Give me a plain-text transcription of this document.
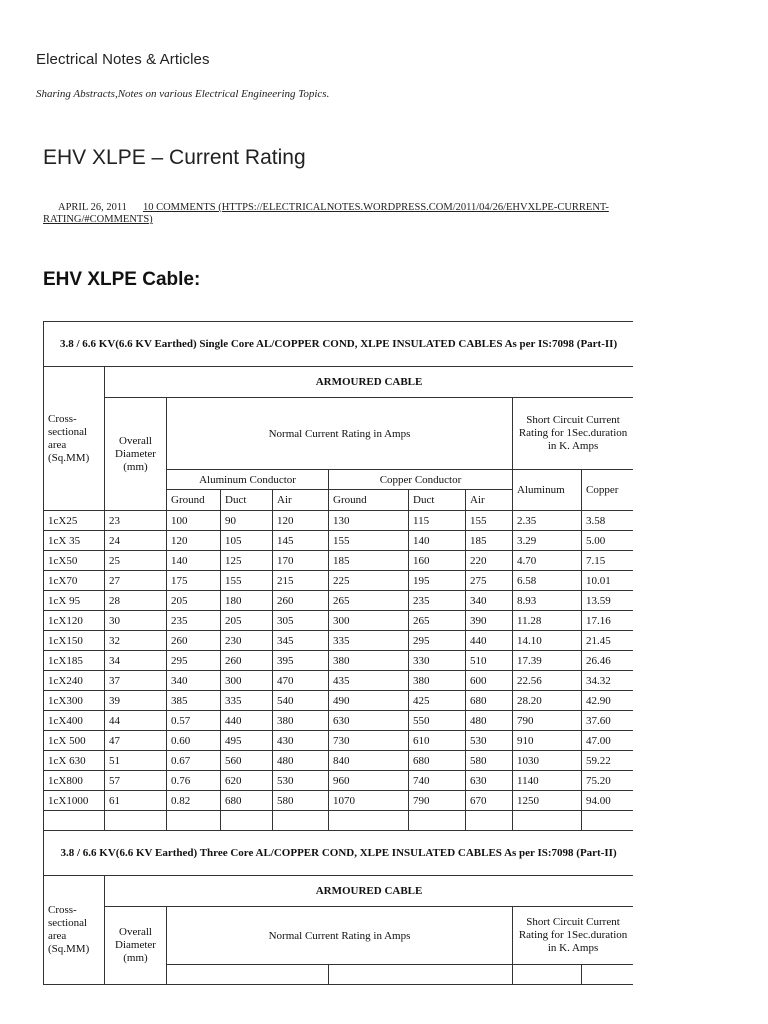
Electrical Notes & Articles
Sharing Abstracts,Notes on various Electrical Engineering Topics.
EHV XLPE – Current Rating
APRIL 26, 2011 10 COMMENTS (HTTPS://ELECTRICALNOTES.WORDPRESS.COM/2011/04/26/EHVXLPE-CURRENT-RATING/#COMMENTS)
EHV XLPE Cable:
3.8 / 6.6 KV(6.6 KV Earthed) Single Core AL/COPPER COND, XLPE INSULATED CABLES As per IS:7098 (Part-II)									
Cross-sectional area (Sq.MM)	ARMOURED CABLE								
	Overall Diameter (mm)	Normal Current Rating in Amps						Short Circuit Current Rating for 1Sec.duration in K. Amps	
		Aluminum Conductor			Copper Conductor			Aluminum	Copper
		Ground	Duct	Air	Ground	Duct	Air		
1cX25	23	100	90	120	130	115	155	2.35	3.58
1cX 35	24	120	105	145	155	140	185	3.29	5.00
1cX50	25	140	125	170	185	160	220	4.70	7.15
1cX70	27	175	155	215	225	195	275	6.58	10.01
1cX 95	28	205	180	260	265	235	340	8.93	13.59
1cX120	30	235	205	305	300	265	390	11.28	17.16
1cX150	32	260	230	345	335	295	440	14.10	21.45
1cX185	34	295	260	395	380	330	510	17.39	26.46
1cX240	37	340	300	470	435	380	600	22.56	34.32
1cX300	39	385	335	540	490	425	680	28.20	42.90
1cX400	44	0.57	440	380	630	550	480	790	37.60
1cX 500	47	0.60	495	430	730	610	530	910	47.00
1cX 630	51	0.67	560	480	840	680	580	1030	59.22
1cX800	57	0.76	620	530	960	740	630	1140	75.20
1cX1000	61	0.82	680	580	1070	790	670	1250	94.00

3.8 / 6.6 KV(6.6 KV Earthed) Three Core AL/COPPER COND, XLPE INSULATED CABLES As per IS:7098 (Part-II)									
Cross-sectional area (Sq.MM)	ARMOURED CABLE								
	Overall Diameter (mm)	Normal Current Rating in Amps						Short Circuit Current Rating for 1Sec.duration in K. Amps	
